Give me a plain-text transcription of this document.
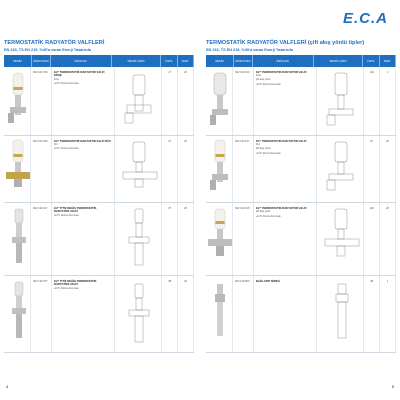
E.C.A
TERMOSTATİK RADYATÖR VALFLERİ
EN 215, TS EN 215, %30'a varan Enerji Tasarrufu
RESİM	ÜRÜN KODU	ÜRÜN ADI	TEKNİK ÇİZİM	LİSTE	ADET
602 100 700	1/2" TERMOSTATİK RADYATÖR VALFİ KÖŞE
Köşe
+10°C Donma Koruması
17	20
602 100 705	1/2" TERMOSTATİK RADYATÖR VALFİ DÜZ
Düz
+10°C Donma Koruması
17	20
602 130 107	1/2" TİTİZ DEĞİŞ TERMOSTATİK RADYATÖR VALFİ
+10°C Donma Koruması
37	20
602 130 577	1/2" TİTİZ DEĞİŞ TERMOSTATİK RADYATÖR VALFİ
+10°C Donma Koruması
38	20
TERMOSTATİK RADYATÖR VALFLERİ (çift akış yönlü tipler)
EN 215, TS EN 215, %30'a varan Enerji Tasarrufu
RESİM	ÜRÜN KODU	ÜRÜN ADI	TEKNİK ÇİZİM	LİSTE	ADET
602 130 160	1/2" TERMOSTATİK RADYATÖR VALFİ
Köşe
Çift akış yönlü
+10°C Donma Koruması
104	1
602 130 167	1/2" TERMOSTATİK RADYATÖR VALFİ
Düz
Çift akış yönlü
+10°C Donma Koruması
97	20
602 130 165	1/2" TERMOSTATİK RADYATÖR VALFİ
Çift akış yönlü
+10°C Donma Koruması
126	20
602 130 800	BAĞLANTI NİPELİ	38	1
4	5
